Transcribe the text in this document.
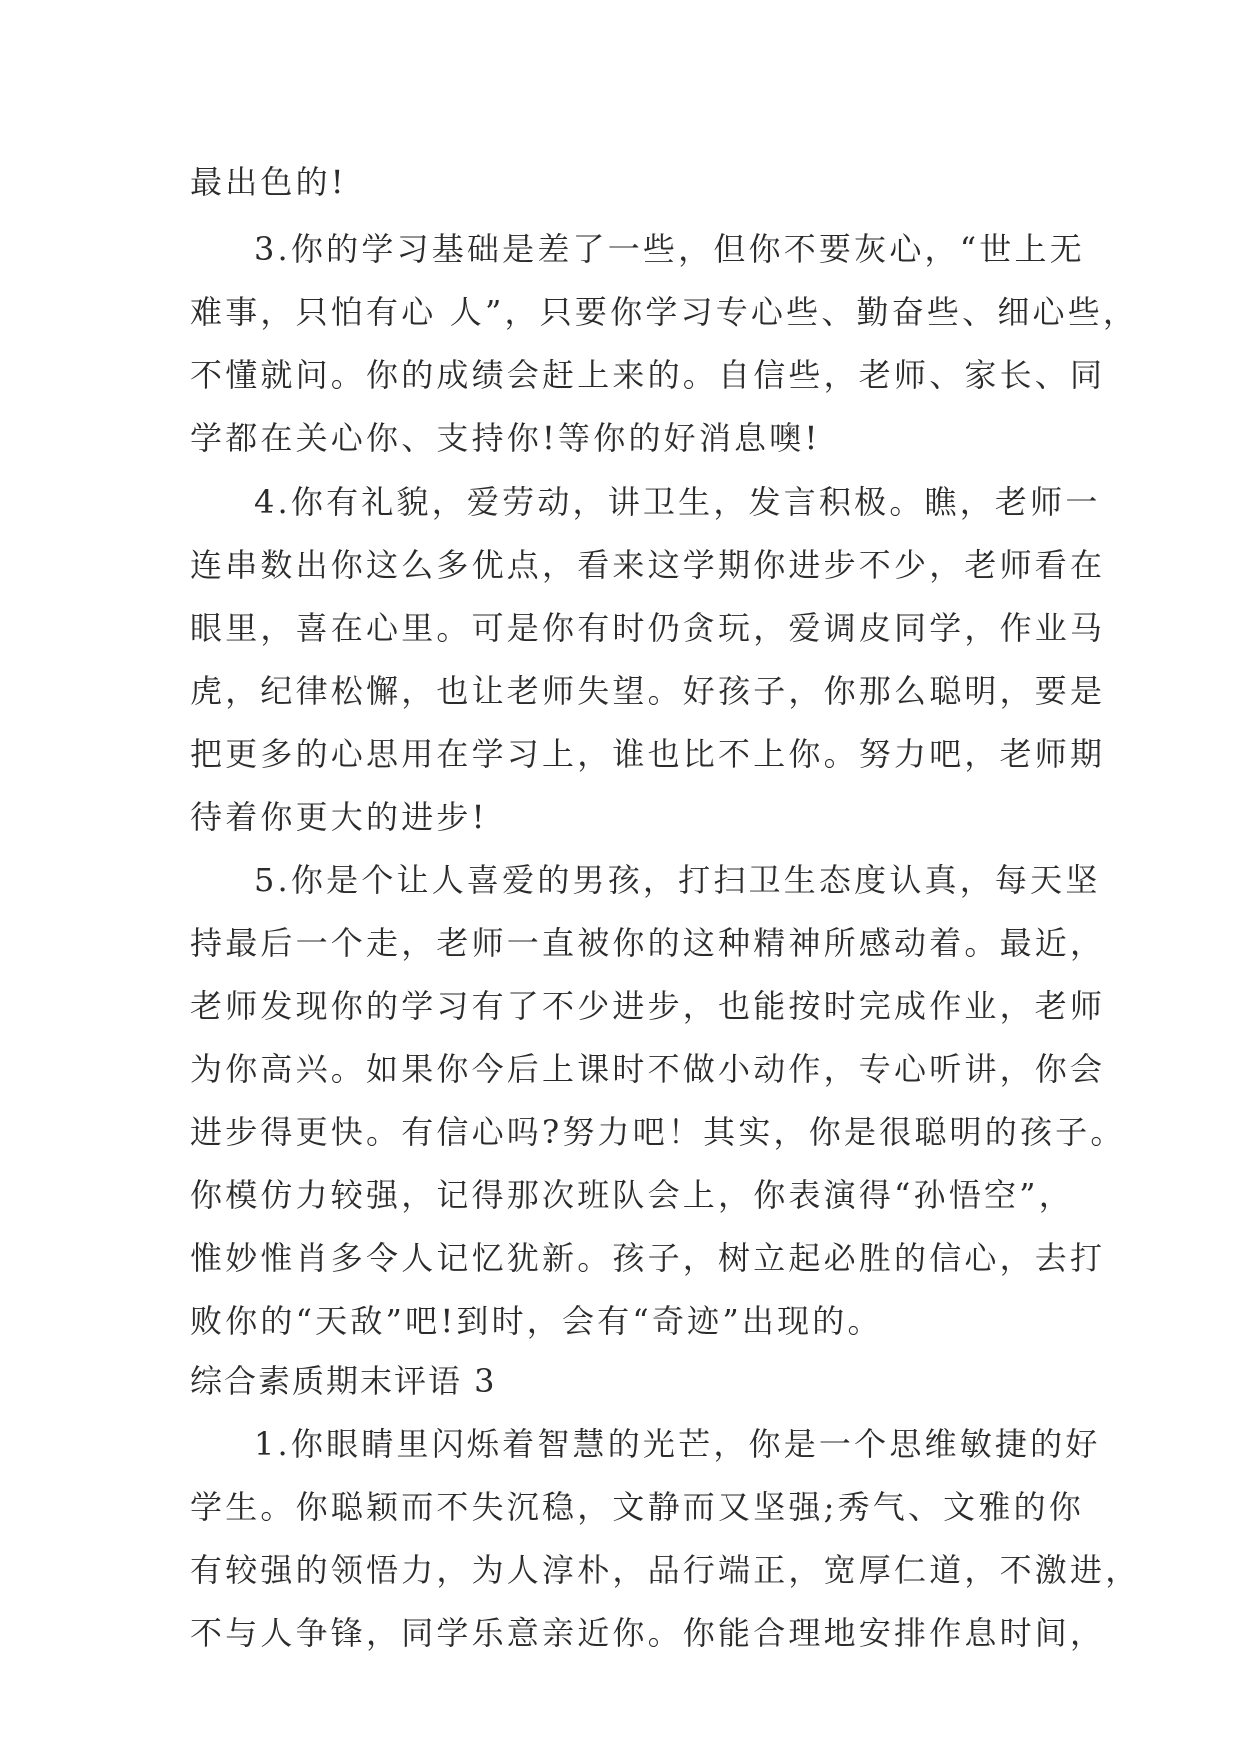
最出色的!
3.你的学习基础是差了一些，但你不要灰心，“世上无
难事，只怕有心 人”，只要你学习专心些、勤奋些、细心些，
不懂就问。你的成绩会赶上来的。自信些，老师、家长、同
学都在关心你、支持你!等你的好消息噢!
4.你有礼貌，爱劳动，讲卫生，发言积极。瞧，老师一
连串数出你这么多优点，看来这学期你进步不少，老师看在
眼里，喜在心里。可是你有时仍贪玩，爱调皮同学，作业马
虎，纪律松懈，也让老师失望。好孩子，你那么聪明，要是
把更多的心思用在学习上，谁也比不上你。努力吧，老师期
待着你更大的进步!
5.你是个让人喜爱的男孩，打扫卫生态度认真，每天坚
持最后一个走，老师一直被你的这种精神所感动着。最近，
老师发现你的学习有了不少进步，也能按时完成作业，老师
为你高兴。如果你今后上课时不做小动作，专心听讲，你会
进步得更快。有信心吗?努力吧！其实，你是很聪明的孩子。
你模仿力较强，记得那次班队会上，你表演得“孙悟空”，
惟妙惟肖多令人记忆犹新。孩子，树立起必胜的信心，去打
败你的“天敌”吧!到时，会有“奇迹”出现的。
综合素质期末评语 3
1.你眼睛里闪烁着智慧的光芒，你是一个思维敏捷的好
学生。你聪颖而不失沉稳，文静而又坚强;秀气、文雅的你
有较强的领悟力，为人淳朴，品行端正，宽厚仁道，不激进，
不与人争锋，同学乐意亲近你。你能合理地安排作息时间，
